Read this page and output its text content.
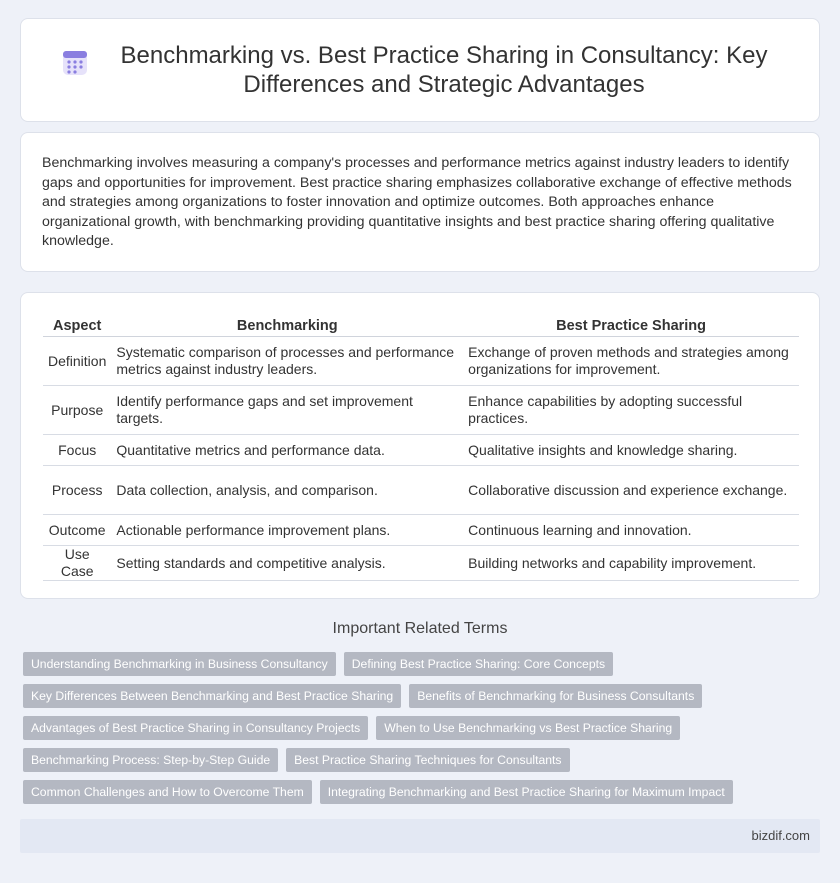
Benchmarking vs. Best Practice Sharing in Consultancy: Key Differences and Strategic Advantages

Benchmarking involves measuring a company's processes and performance metrics against industry leaders to identify gaps and opportunities for improvement. Best practice sharing emphasizes collaborative exchange of effective methods and strategies among organizations to foster innovation and optimize outcomes. Both approaches enhance organizational growth, with benchmarking providing quantitative insights and best practice sharing offering qualitative knowledge.

Aspect	Benchmarking	Best Practice Sharing
Definition	Systematic comparison of processes and performance metrics against industry leaders.	Exchange of proven methods and strategies among organizations for improvement.
Purpose	Identify performance gaps and set improvement targets.	Enhance capabilities by adopting successful practices.
Focus	Quantitative metrics and performance data.	Qualitative insights and knowledge sharing.
Process	Data collection, analysis, and comparison.	Collaborative discussion and experience exchange.
Outcome	Actionable performance improvement plans.	Continuous learning and innovation.
Use Case	Setting standards and competitive analysis.	Building networks and capability improvement.
Important Related Terms
Understanding Benchmarking in Business Consultancy	Defining Best Practice Sharing: Core Concepts
Key Differences Between Benchmarking and Best Practice Sharing	Benefits of Benchmarking for Business Consultants
Advantages of Best Practice Sharing in Consultancy Projects	When to Use Benchmarking vs Best Practice Sharing
Benchmarking Process: Step-by-Step Guide	Best Practice Sharing Techniques for Consultants
Common Challenges and How to Overcome Them	Integrating Benchmarking and Best Practice Sharing for Maximum Impact
bizdif.com
